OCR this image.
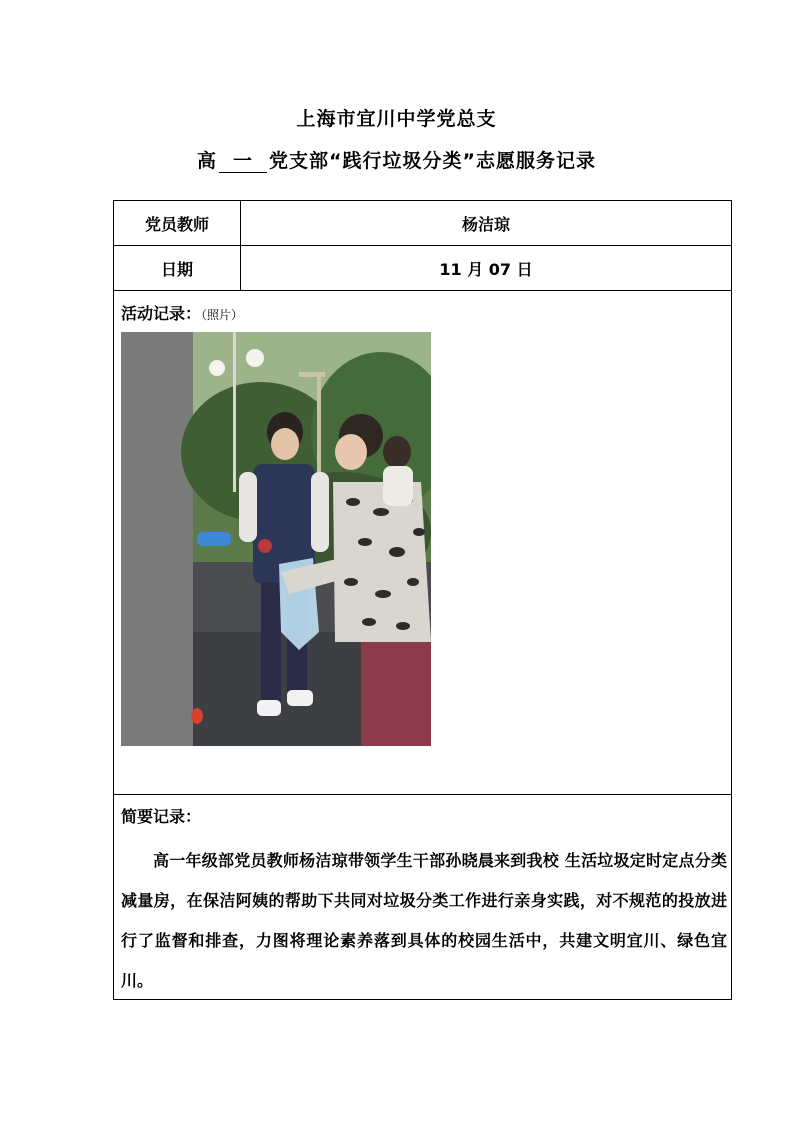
上海市宜川中学党总支
高 一 党支部“践行垃圾分类”志愿服务记录
党员教师	杨洁琼
日期	11 月 07 日
活动记录：（照片）
简要记录：
高一年级部党员教师杨洁琼带领学生干部孙晓晨来到我校 生活垃圾定时定点分类减量房，在保洁阿姨的帮助下共同对垃圾分类工作进行亲身实践，对不规范的投放进行了监督和排查，力图将理论素养落到具体的校园生活中，共建文明宜川、绿色宜川。
